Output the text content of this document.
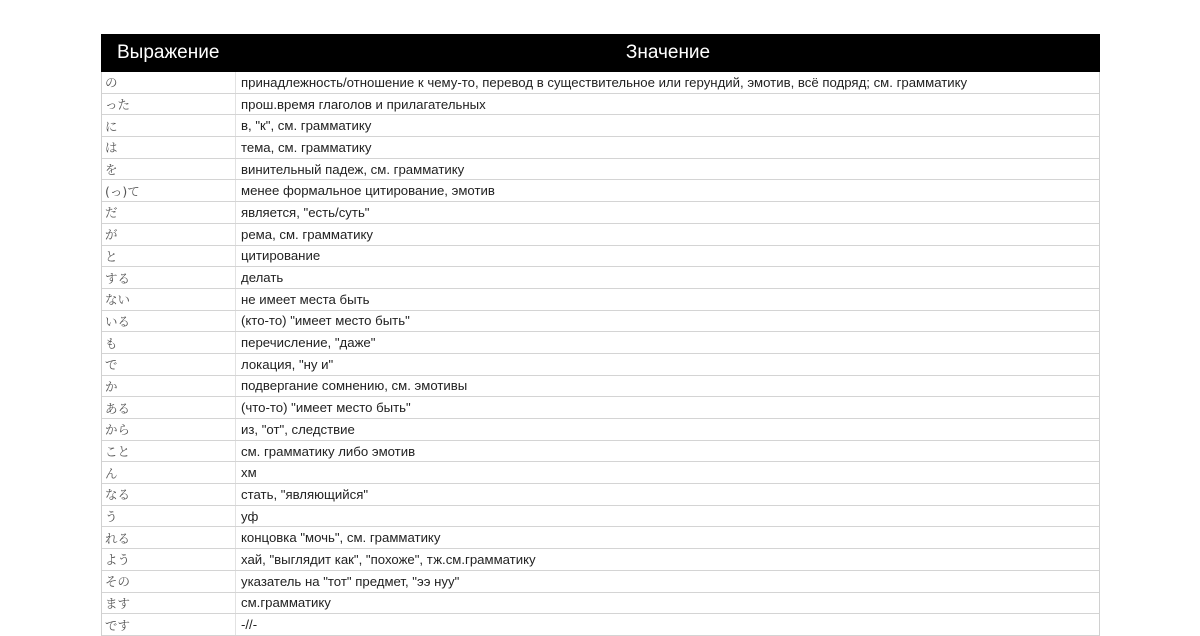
Выражение	Значение
の	принадлежность/отношение к чему-то, перевод в существительное или герундий, эмотив, всё подряд; см. грамматику
った	прош.время глаголов и прилагательных
に	в, "к", см. грамматику
は	тема, см. грамматику
を	винительный падеж, см. грамматику
(っ)て	менее формальное цитирование, эмотив
だ	является, "есть/суть"
が	рема, см. грамматику
と	цитирование
する	делать
ない	не имеет места быть
いる	(кто-то) "имеет место быть"
も	перечисление, "даже"
で	локация, "ну и"
か	подвергание сомнению, см. эмотивы
ある	(что-то) "имеет место быть"
から	из, "от", следствие
こと	см. грамматику либо эмотив
ん	хм
なる	стать, "являющийся"
う	уф
れる	концовка "мочь", см. грамматику
よう	хай, "выглядит как", "похоже", тж.см.грамматику
その	указатель на "тот" предмет, "ээ нуу"
ます	см.грамматику
です	-//-
